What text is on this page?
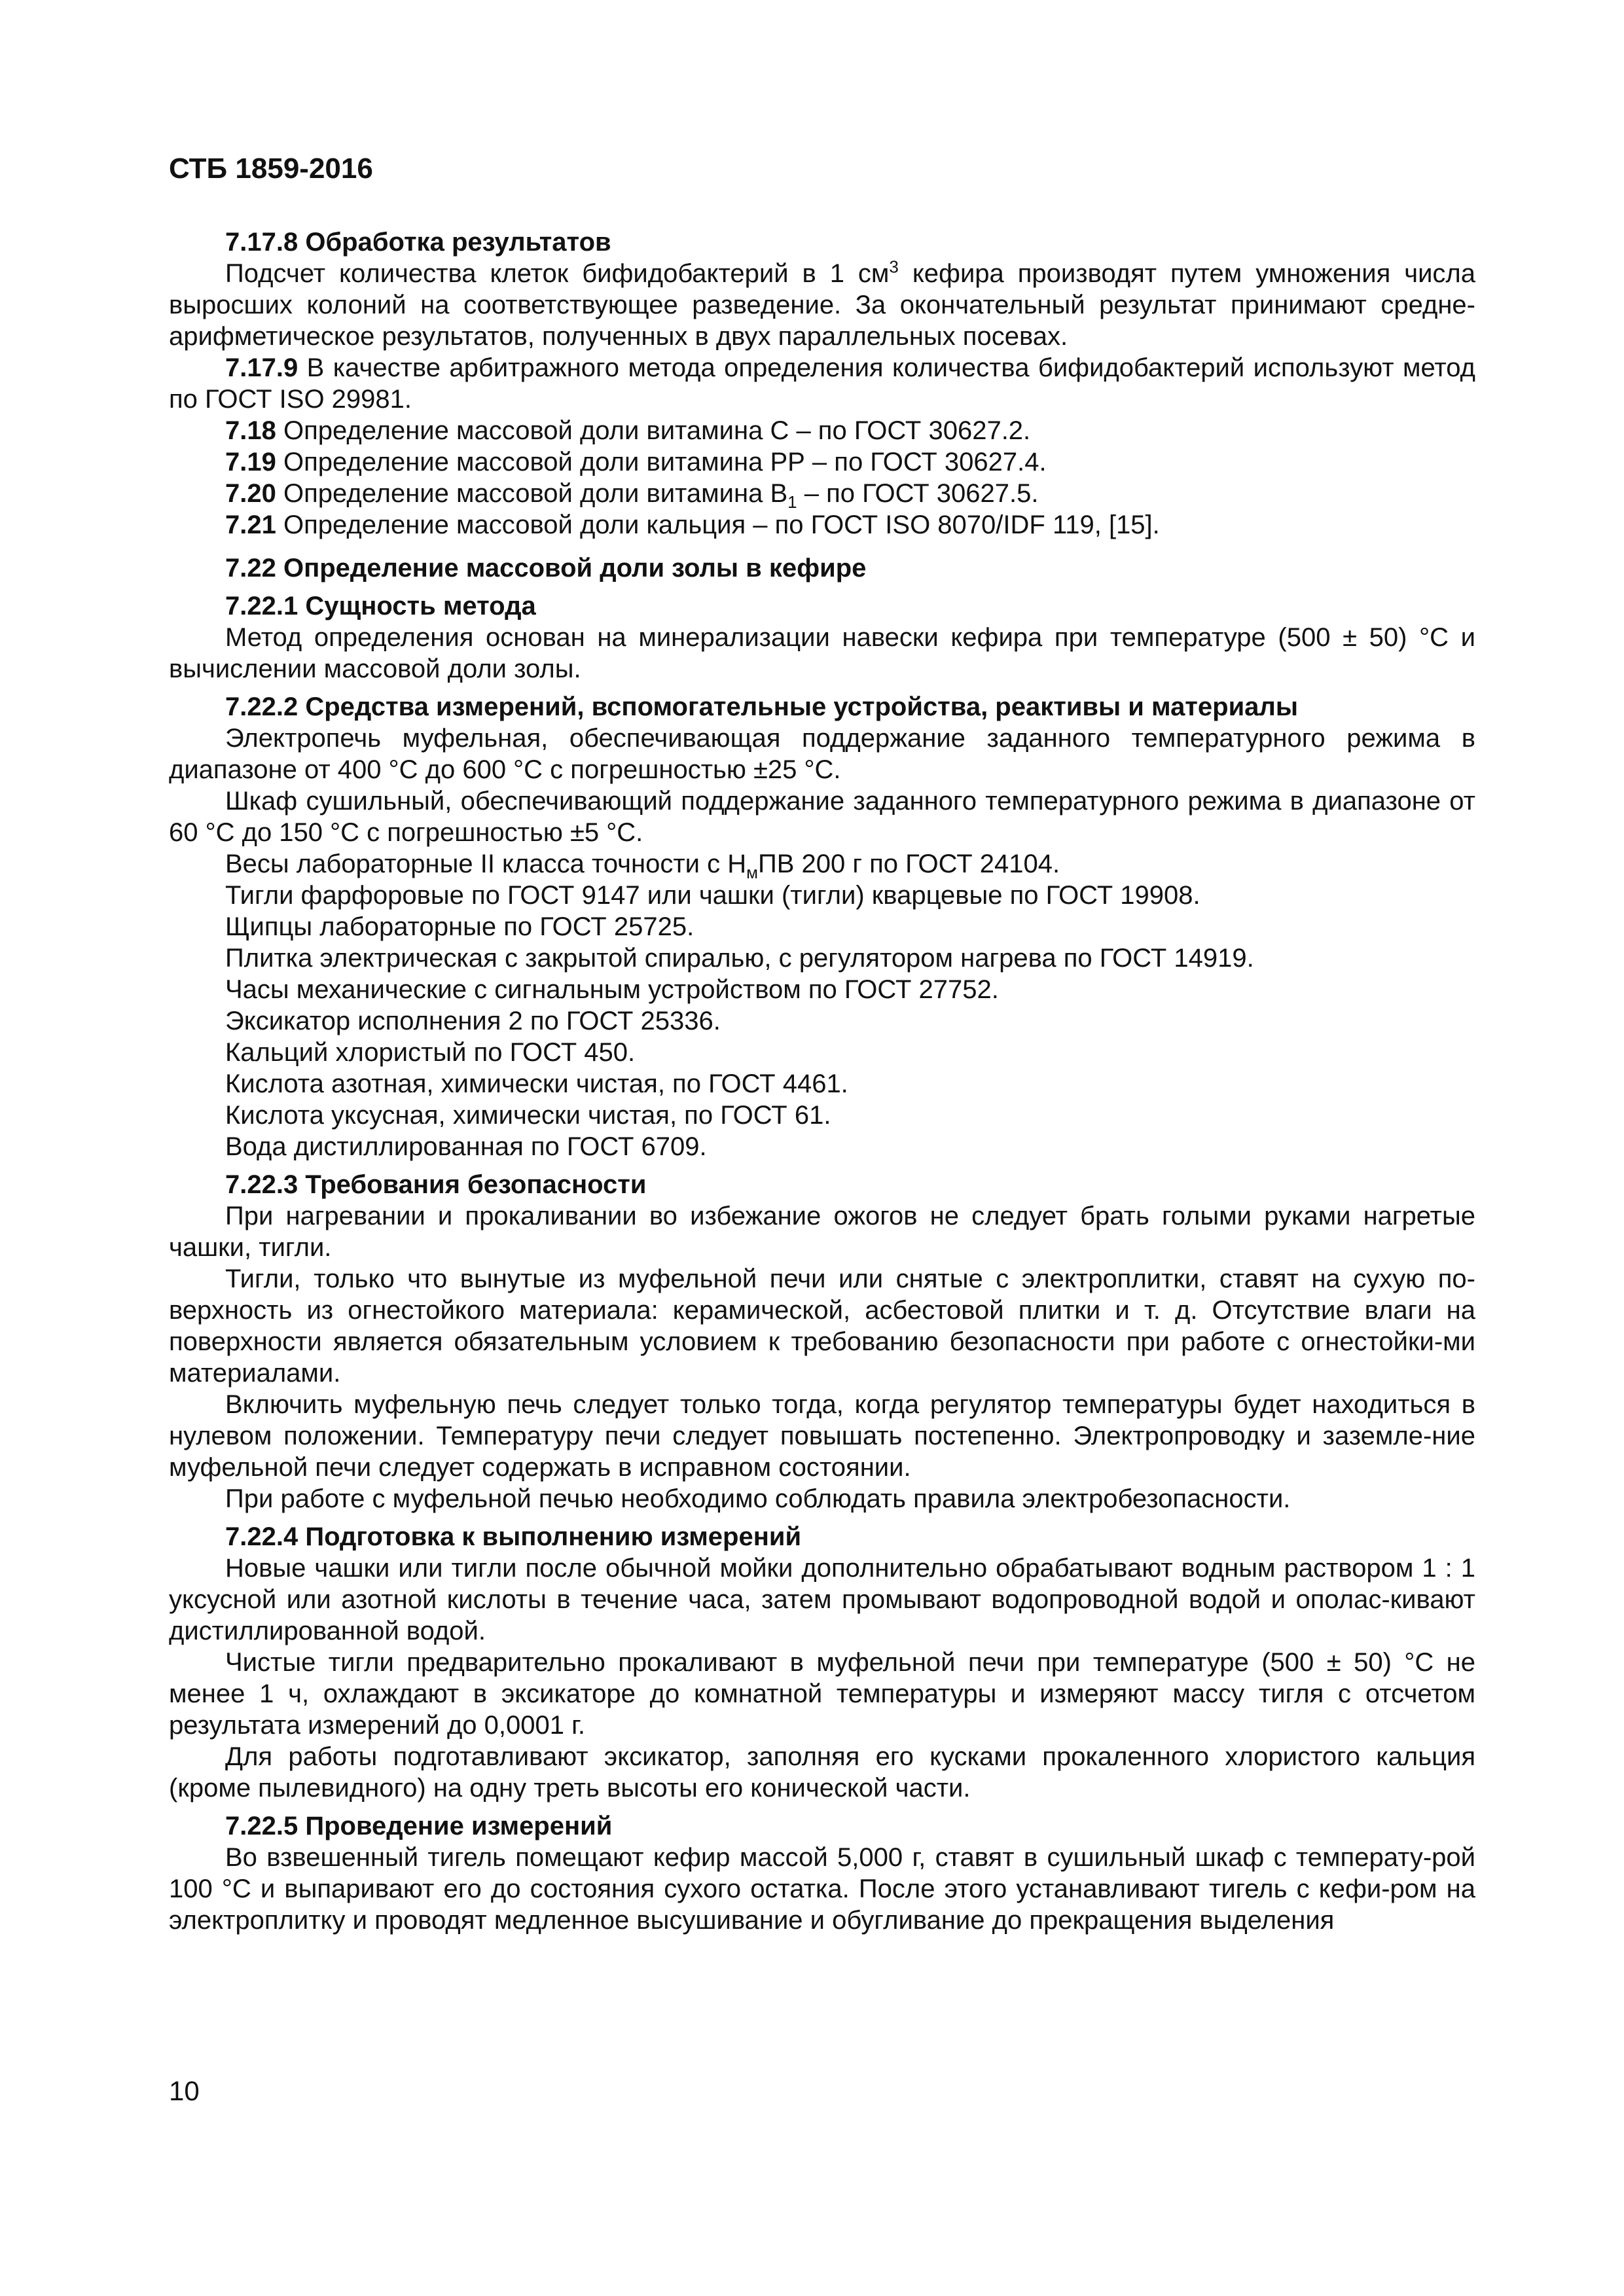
СТБ 1859-2016

7.17.8 Обработка результатов

Подсчет количества клеток бифидобактерий в 1 $см^3$ кефира производят путем умножения числа выросших колоний на соответствующее разведение. За окончательный результат принимают средне-арифметическое результатов, полученных в двух параллельных посевах.

7.17.9 В качестве арбитражного метода определения количества бифидобактерий используют метод по ГОСТ ISO 29981.

7.18 Определение массовой доли витамина С – по ГОСТ 30627.2.

7.19 Определение массовой доли витамина РР – по ГОСТ 30627.4.

7.20 Определение массовой доли витамина $В_1$ – по ГОСТ 30627.5.

7.21 Определение массовой доли кальция – по ГОСТ ISO 8070/IDF 119, [15].

7.22 Определение массовой доли золы в кефире

7.22.1 Сущность метода

Метод определения основан на минерализации навески кефира при температуре (500 ± 50) °С и вычислении массовой доли золы.

7.22.2 Средства измерений, вспомогательные устройства, реактивы и материалы

Электропечь муфельная, обеспечивающая поддержание заданного температурного режима в диапазоне от 400 °С до 600 °С с погрешностью ±25 °С.

Шкаф сушильный, обеспечивающий поддержание заданного температурного режима в диапазоне от 60 °С до 150 °С с погрешностью ±5 °С.

Весы лабораторные II класса точности с $Н_мПВ$ 200 г по ГОСТ 24104.

Тигли фарфоровые по ГОСТ 9147 или чашки (тигли) кварцевые по ГОСТ 19908.

Щипцы лабораторные по ГОСТ 25725.

Плитка электрическая с закрытой спиралью, с регулятором нагрева по ГОСТ 14919.

Часы механические с сигнальным устройством по ГОСТ 27752.

Эксикатор исполнения 2 по ГОСТ 25336.

Кальций хлористый по ГОСТ 450.

Кислота азотная, химически чистая, по ГОСТ 4461.

Кислота уксусная, химически чистая, по ГОСТ 61.

Вода дистиллированная по ГОСТ 6709.

7.22.3 Требования безопасности

При нагревании и прокаливании во избежание ожогов не следует брать голыми руками нагретые чашки, тигли.

Тигли, только что вынутые из муфельной печи или снятые с электроплитки, ставят на сухую по-верхность из огнестойкого материала: керамической, асбестовой плитки и т. д. Отсутствие влаги на поверхности является обязательным условием к требованию безопасности при работе с огнестойки-ми материалами.

Включить муфельную печь следует только тогда, когда регулятор температуры будет находиться в нулевом положении. Температуру печи следует повышать постепенно. Электропроводку и заземле-ние муфельной печи следует содержать в исправном состоянии.

При работе с муфельной печью необходимо соблюдать правила электробезопасности.

7.22.4 Подготовка к выполнению измерений

Новые чашки или тигли после обычной мойки дополнительно обрабатывают водным раствором 1 : 1 уксусной или азотной кислоты в течение часа, затем промывают водопроводной водой и ополас-кивают дистиллированной водой.

Чистые тигли предварительно прокаливают в муфельной печи при температуре (500 ± 50) °С не менее 1 ч, охлаждают в эксикаторе до комнатной температуры и измеряют массу тигля с отсчетом результата измерений до 0,0001 г.

Для работы подготавливают эксикатор, заполняя его кусками прокаленного хлористого кальция (кроме пылевидного) на одну треть высоты его конической части.

7.22.5 Проведение измерений

Во взвешенный тигель помещают кефир массой 5,000 г, ставят в сушильный шкаф с температу-рой 100 °С и выпаривают его до состояния сухого остатка. После этого устанавливают тигель с кефи-ром на электроплитку и проводят медленное высушивание и обугливание до прекращения выделения

10
